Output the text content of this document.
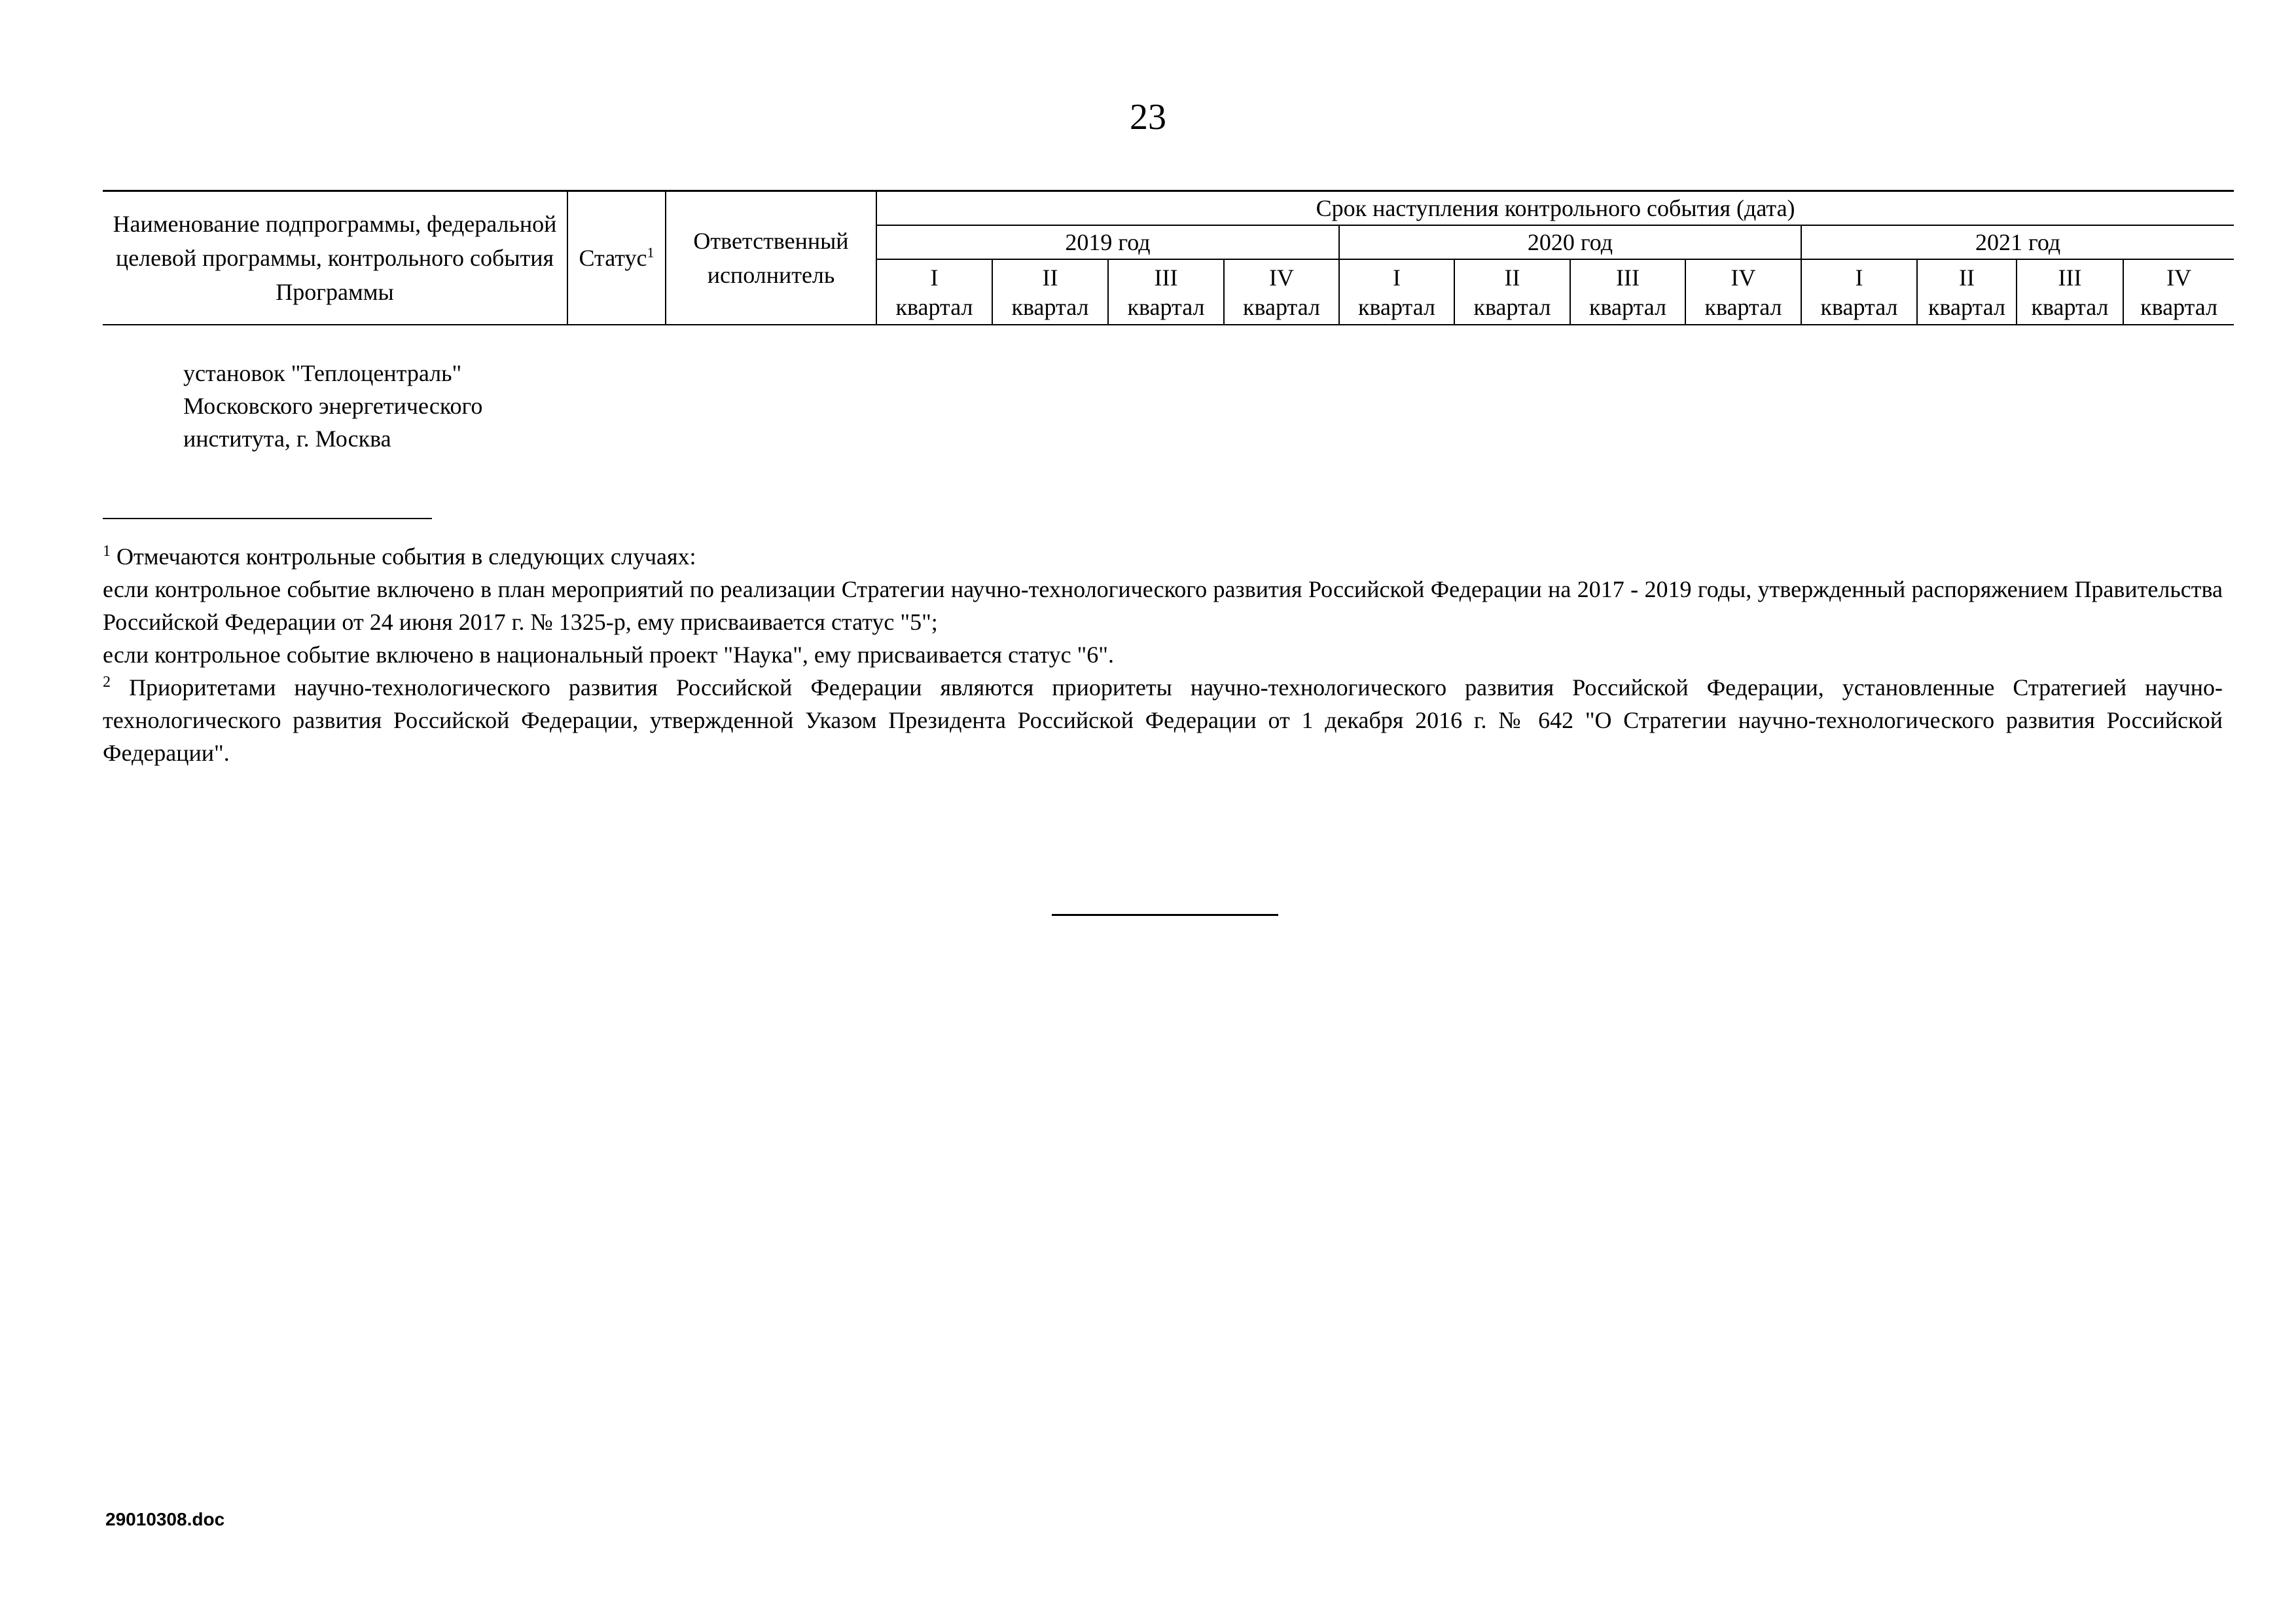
23
Наименование подпрограммы, федеральной целевой программы, контрольного события Программы	Статус$^1$	Ответственный исполнитель	Срок наступления контрольного события (дата)											
			2019 год				2020 год				2021 год			
			I	II	III	IV	I	II	III	IV	I	II	III	IV
			квартал	квартал	квартал	квартал	квартал	квартал	квартал	квартал	квартал	квартал	квартал	квартал
установок "Теплоцентраль"
Московского энергетического
института, г. Москва

$^1$ Отмечаются контрольные события в следующих случаях:

если контрольное событие включено в план мероприятий по реализации Стратегии научно-технологического развития Российской Федерации на 2017 - 2019 годы, утвержденный распоряжением Правительства Российской Федерации от 24 июня 2017 г. № 1325-р, ему присваивается статус "5";

если контрольное событие включено в национальный проект "Наука", ему присваивается статус "6".

$^2$ Приоритетами научно-технологического развития Российской Федерации являются приоритеты научно-технологического развития Российской Федерации, установленные Стратегией научно-технологического развития Российской Федерации, утвержденной Указом Президента Российской Федерации от 1 декабря 2016 г. № 642 "О Стратегии научно-технологического развития Российской Федерации".

29010308.doc
